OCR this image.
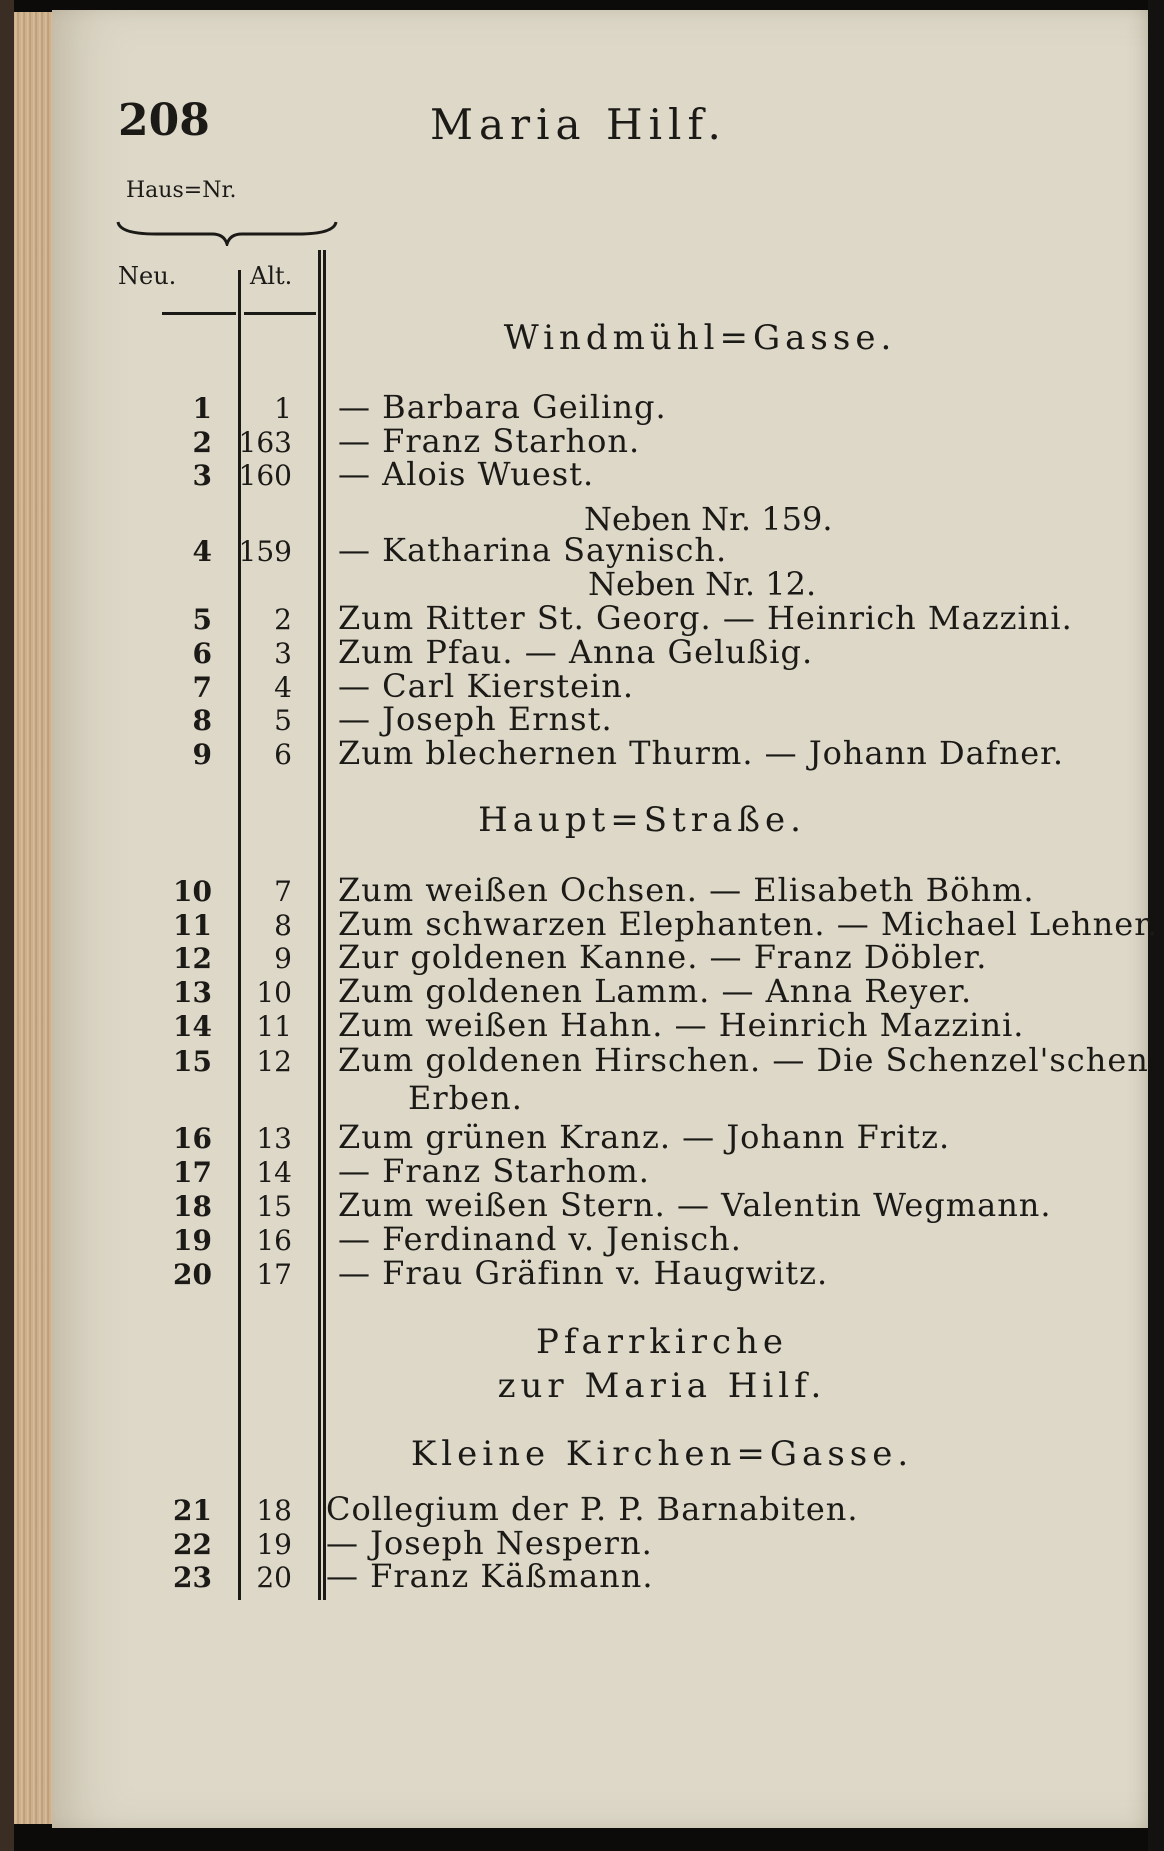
208	Maria Hilf.
Haus=Nr.
Neu.	Alt.
Windmühl=Gasse.
1	1 — Barbara Geiling.
2 163 — Franz Starhon.
3 160 — Alois Wuest.
Neben Nr. 159.
4 159 — Katharina Saynisch.
Neben Nr. 12.
5	2 Zum Ritter St. Georg. — Heinrich Mazzini.
6	3 Zum Pfau. — Anna Gelußig.
7	4 — Carl Kierstein.
8	5 — Joseph Ernst.
9	6 Zum blechernen Thurm. — Johann Dafner.
Haupt=Straße.
10	7 Zum weißen Ochsen. — Elisabeth Böhm.
11	8 Zum schwarzen Elephanten. — Michael Lehner.
12	9 Zur goldenen Kanne. — Franz Döbler.
13	10 Zum goldenen Lamm. — Anna Reyer.
14	11 Zum weißen Hahn. — Heinrich Mazzini.
15	12 Zum goldenen Hirschen. — Die Schenzel'schen
Erben.
16	13 Zum grünen Kranz. — Johann Fritz.
17	14 — Franz Starhom.
18	15 Zum weißen Stern. — Valentin Wegmann.
19	16 — Ferdinand v. Jenisch.
20	17 — Frau Gräfinn v. Haugwitz.
Pfarrkirche
zur Maria Hilf.
Kleine Kirchen=Gasse.
21	18 Collegium der P. P. Barnabiten.
22	19 — Joseph Nespern.
23	20 — Franz Käßmann.
